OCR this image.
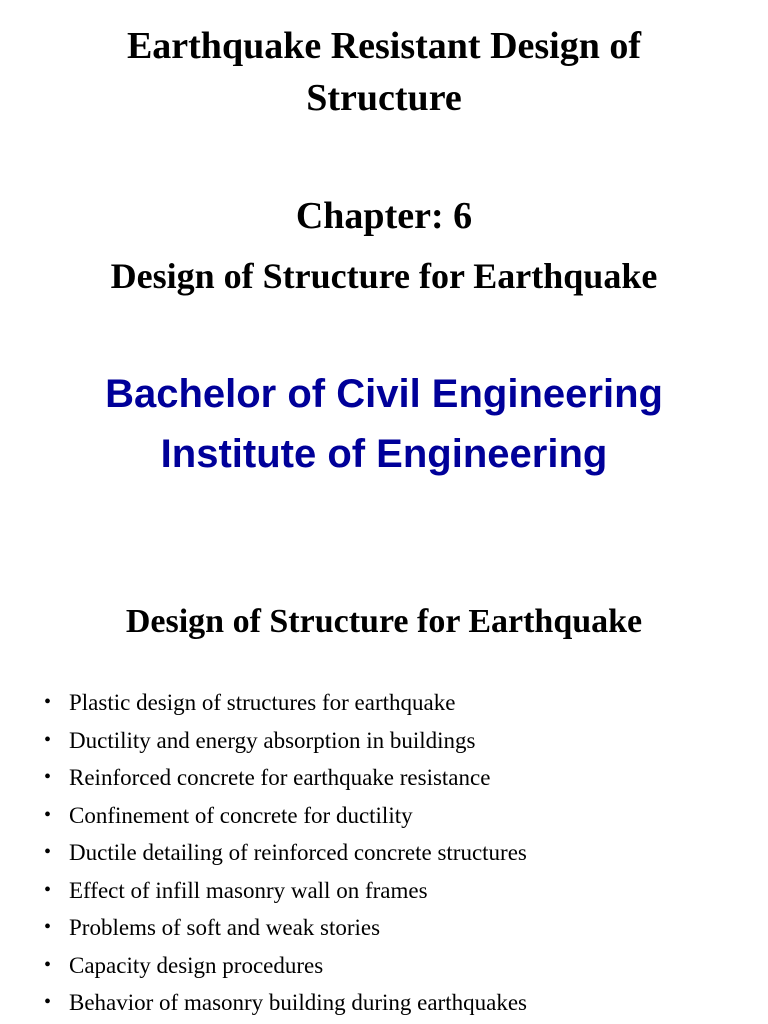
Earthquake Resistant Design of
Structure
Chapter: 6
Design of Structure for Earthquake

Bachelor of Civil Engineering

Institute of Engineering

Design of Structure for Earthquake
• Plastic design of structures for earthquake
• Ductility and energy absorption in buildings
• Reinforced concrete for earthquake resistance
• Confinement of concrete for ductility
• Ductile detailing of reinforced concrete structures
• Effect of infill masonry wall on frames
• Problems of soft and weak stories
• Capacity design procedures
• Behavior of masonry building during earthquakes
